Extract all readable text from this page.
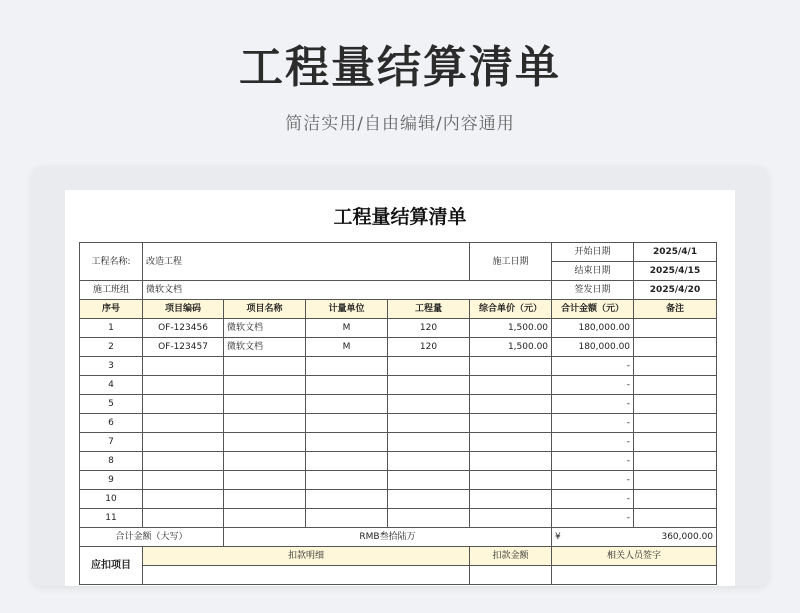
工程量结算清单
简洁实用/自由编辑/内容通用
工程量结算清单
工程名称:	改造工程				施工日期	开始日期	2025/4/1
						结束日期	2025/4/15
施工班组	微软文档					签发日期	2025/4/20
序号	项目编码	项目名称	计量单位	工程量	综合单价（元）	合计金额（元）	备注
1	OF-123456	微软文档	M	120	1,500.00	180,000.00	
2	OF-123457	微软文档	M	120	1,500.00	180,000.00	
3						-	
4						-	
5						-	
6						-	
7						-	
8						-	
9						-	
10						-	
11						-	
合计金额（大写）		RMB叁拾陆万				¥	360,000.00
应扣项目	扣款明细				扣款金额	相关人员签字	
